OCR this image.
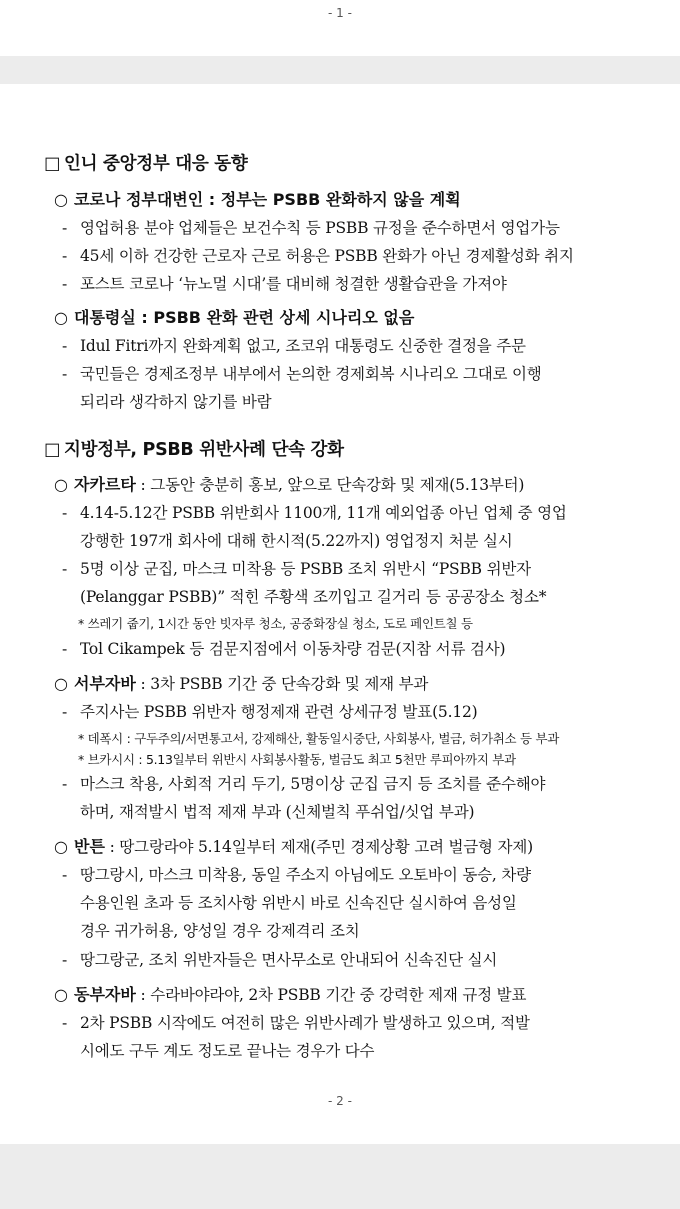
- 1 -
□ 인니 중앙정부 대응 동향
○ 코로나 정부대변인 : 정부는 PSBB 완화하지 않을 계획
- 영업허용 분야 업체들은 보건수칙 등 PSBB 규정을 준수하면서 영업가능
- 45세 이하 건강한 근로자 근로 허용은 PSBB 완화가 아닌 경제활성화 취지
- 포스트 코로나 ‘뉴노멀 시대’를 대비해 청결한 생활습관을 가져야
○ 대통령실 : PSBB 완화 관련 상세 시나리오 없음
- Idul Fitri까지 완화계획 없고, 조코위 대통령도 신중한 결정을 주문
- 국민들은 경제조정부 내부에서 논의한 경제회복 시나리오 그대로 이행
되리라 생각하지 않기를 바람
□ 지방정부, PSBB 위반사례 단속 강화
○ 자카르타 : 그동안 충분히 홍보, 앞으로 단속강화 및 제재(5.13부터)
- 4.14-5.12간 PSBB 위반회사 1100개, 11개 예외업종 아닌 업체 중 영업
강행한 197개 회사에 대해 한시적(5.22까지) 영업정지 처분 실시
- 5명 이상 군집, 마스크 미착용 등 PSBB 조치 위반시 “PSBB 위반자
(Pelanggar PSBB)” 적힌 주황색 조끼입고 길거리 등 공공장소 청소*
* 쓰레기 줍기, 1시간 동안 빗자루 청소, 공중화장실 청소, 도로 페인트칠 등
- Tol Cikampek 등 검문지점에서 이동차량 검문(지참 서류 검사)
○ 서부자바 : 3차 PSBB 기간 중 단속강화 및 제재 부과
- 주지사는 PSBB 위반자 행정제재 관련 상세규정 발표(5.12)
* 데폭시 : 구두주의/서면통고서, 강제해산, 활동일시중단, 사회봉사, 벌금, 허가취소 등 부과
* 브카시시 : 5.13일부터 위반시 사회봉사활동, 벌금도 최고 5천만 루피아까지 부과
- 마스크 착용, 사회적 거리 두기, 5명이상 군집 금지 등 조치를 준수해야
하며, 재적발시 법적 제재 부과 (신체벌칙 푸쉬업/싯업 부과)
○ 반튼 : 땅그랑라야 5.14일부터 제재(주민 경제상황 고려 벌금형 자제)
- 땅그랑시, 마스크 미착용, 동일 주소지 아님에도 오토바이 동승, 차량
수용인원 초과 등 조치사항 위반시 바로 신속진단 실시하여 음성일
경우 귀가허용, 양성일 경우 강제격리 조치
- 땅그랑군, 조치 위반자들은 면사무소로 안내되어 신속진단 실시
○ 동부자바 : 수라바야라야, 2차 PSBB 기간 중 강력한 제재 규정 발표
- 2차 PSBB 시작에도 여전히 많은 위반사례가 발생하고 있으며, 적발
시에도 구두 계도 정도로 끝나는 경우가 다수
- 2 -
